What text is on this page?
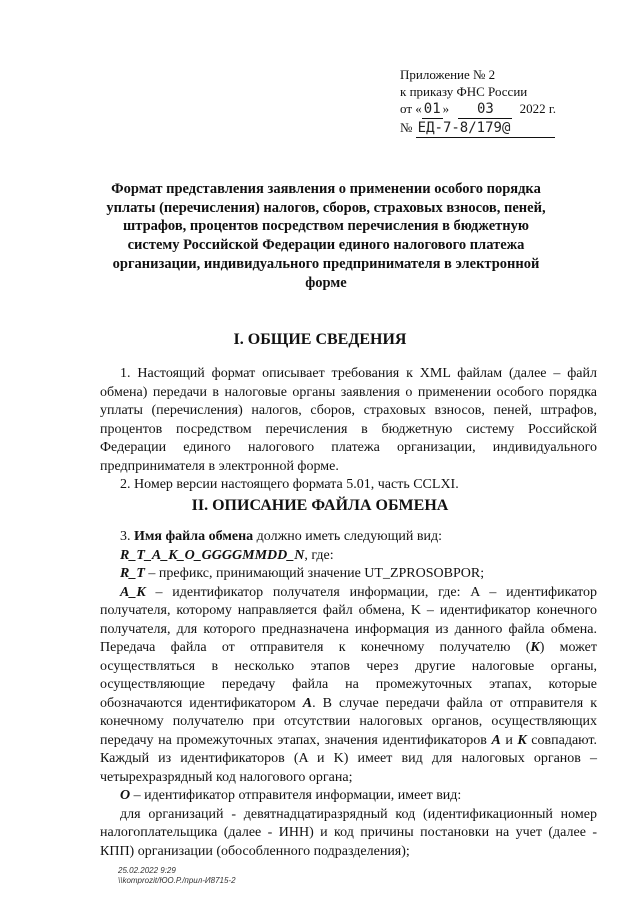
Приложение № 2
к приказу ФНС России
от « 01 » 03 2022 г.
№ ЕД-7-8/179@
Формат представления заявления о применении особого порядка уплаты (перечисления) налогов, сборов, страховых взносов, пеней, штрафов, процентов посредством перечисления в бюджетную систему Российской Федерации единого налогового платежа организации, индивидуального предпринимателя в электронной форме
I. ОБЩИЕ СВЕДЕНИЯ

1. Настоящий формат описывает требования к XML файлам (далее – файл обмена) передачи в налоговые органы заявления о применении особого порядка уплаты (перечисления) налогов, сборов, страховых взносов, пеней, штрафов, процентов посредством перечисления в бюджетную систему Российской Федерации единого налогового платежа организации, индивидуального предпринимателя в электронной форме.

2. Номер версии настоящего формата 5.01, часть CCLXI.

II. ОПИСАНИЕ ФАЙЛА ОБМЕНА

3. Имя файла обмена должно иметь следующий вид:

R_T_A_K_O_GGGGMMDD_N, где:

R_T – префикс, принимающий значение UT_ZPROSOBPOR;

A_K – идентификатор получателя информации, где: A – идентификатор получателя, которому направляется файл обмена, K – идентификатор конечного получателя, для которого предназначена информация из данного файла обмена. Передача файла от отправителя к конечному получателю (K) может осуществляться в несколько этапов через другие налоговые органы, осуществляющие передачу файла на промежуточных этапах, которые обозначаются идентификатором A. В случае передачи файла от отправителя к конечному получателю при отсутствии налоговых органов, осуществляющих передачу на промежуточных этапах, значения идентификаторов A и K совпадают. Каждый из идентификаторов (A и K) имеет вид для налоговых органов – четырехразрядный код налогового органа;

O – идентификатор отправителя информации, имеет вид:

для организаций - девятнадцатиразрядный код (идентификационный номер налогоплательщика (далее - ИНН) и код причины постановки на учет (далее - КПП) организации (обособленного подразделения);

25.02.2022 9:29
\\komprozit/ЮО.Р./прил-И8715-2
